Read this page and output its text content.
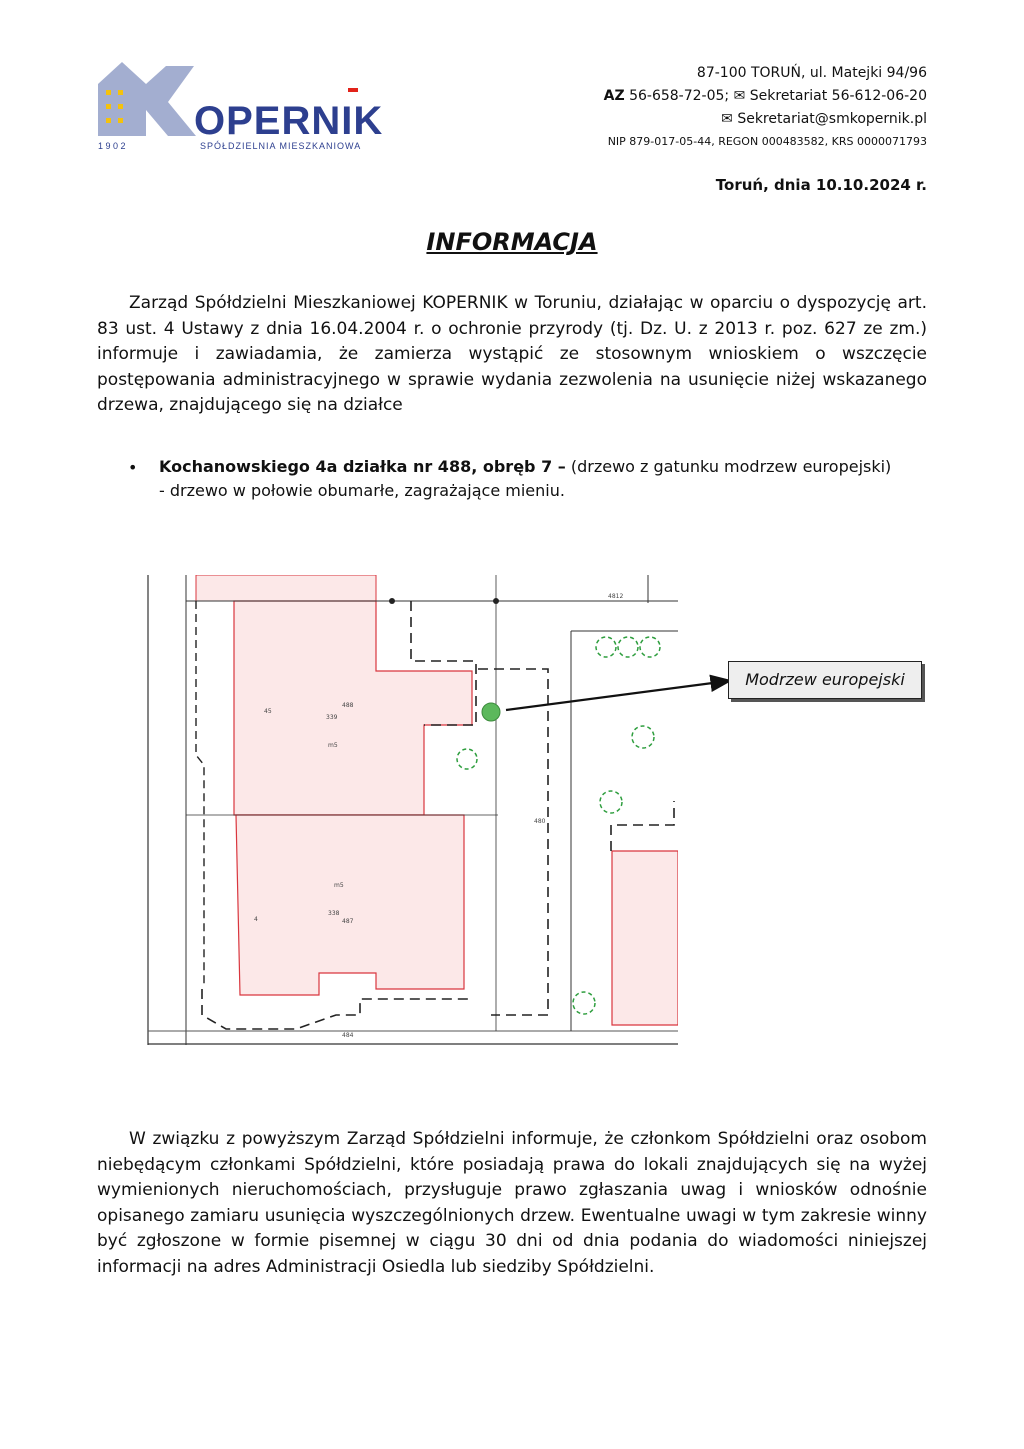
OPERNIK
1 9 0 2	SPÓŁDZIELNIA MIESZKANIOWA
87-100 TORUŃ, ul. Matejki 94/96
AZ 56-658-72-05; ✉︎ Sekretariat 56-612-06-20
✉ Sekretariat@smkopernik.pl
NIP 879-017-05-44, REGON 000483582, KRS 0000071793
Toruń, dnia 10.10.2024 r.
INFORMACJA
Zarząd Spółdzielni Mieszkaniowej KOPERNIK w Toruniu, działając w oparciu o dyspozycję art. 83 ust. 4 Ustawy z dnia 16.04.2004 r. o ochronie przyrody (tj. Dz. U. z 2013 r. poz. 627 ze zm.) informuje i zawiadamia, że zamierza wystąpić ze stosownym wnioskiem o wszczęcie postępowania administracyjnego w sprawie wydania zezwolenia na usunięcie niżej wskazanego drzewa, znajdującego się na działce
• Kochanowskiego 4a działka nr 488, obręb 7 – (drzewo z gatunku modrzew europejski)
- drzewo w połowie obumarłe, zagrażające mieniu.
4812
488
339
m5
45
m5
338
487
480
484
4
Modrzew europejski
W związku z powyższym Zarząd Spółdzielni informuje, że członkom Spółdzielni oraz osobom niebędącym członkami Spółdzielni, które posiadają prawa do lokali znajdujących się na wyżej wymienionych nieruchomościach, przysługuje prawo zgłaszania uwag i wniosków odnośnie opisanego zamiaru usunięcia wyszczególnionych drzew. Ewentualne uwagi w tym zakresie winny być zgłoszone w formie pisemnej w ciągu 30 dni od dnia podania do wiadomości niniejszej informacji na adres Administracji Osiedla lub siedziby Spółdzielni.
